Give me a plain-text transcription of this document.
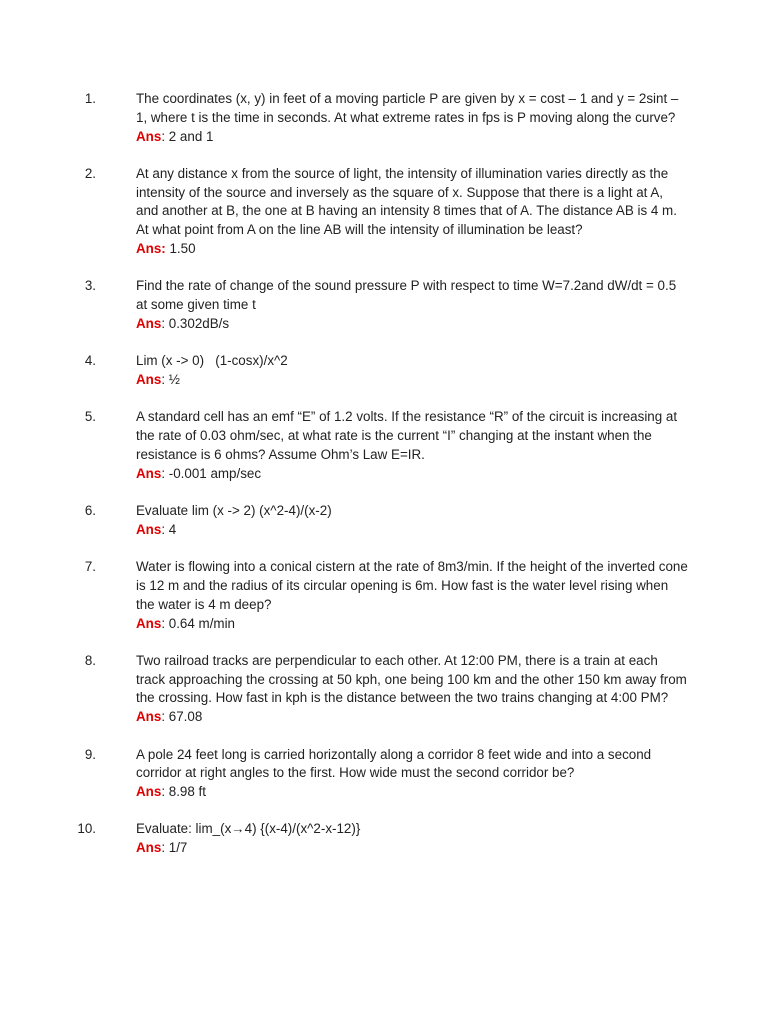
1.	The coordinates (x, y) in feet of a moving particle P are given by x = cost – 1 and y = 2sint – 1, where t is the time in seconds. At what extreme rates in fps is P moving along the curve?
Ans: 2 and 1
2.	At any distance x from the source of light, the intensity of illumination varies directly as the intensity of the source and inversely as the square of x. Suppose that there is a light at A, and another at B, the one at B having an intensity 8 times that of A. The distance AB is 4 m. At what point from A on the line AB will the intensity of illumination be least?
Ans: 1.50
3.	Find the rate of change of the sound pressure P with respect to time W=7.2and dW/dt = 0.5 at some given time t
Ans: 0.302dB/s
4.	Lim (x -> 0)   (1-cosx)/x^2
Ans: ½
5.	A standard cell has an emf “E” of 1.2 volts. If the resistance “R” of the circuit is increasing at the rate of 0.03 ohm/sec, at what rate is the current “I” changing at the instant when the resistance is 6 ohms? Assume Ohm’s Law E=IR.
Ans: -0.001 amp/sec
6.	Evaluate lim (x -> 2) (x^2-4)/(x-2)
Ans: 4
7.	Water is flowing into a conical cistern at the rate of 8m3/min. If the height of the inverted cone is 12 m and the radius of its circular opening is 6m. How fast is the water level rising when the water is 4 m deep?
Ans: 0.64 m/min
8.	Two railroad tracks are perpendicular to each other. At 12:00 PM, there is a train at each track approaching the crossing at 50 kph, one being 100 km and the other 150 km away from the crossing. How fast in kph is the distance between the two trains changing at 4:00 PM?
Ans: 67.08
9.	A pole 24 feet long is carried horizontally along a corridor 8 feet wide and into a second corridor at right angles to the first. How wide must the second corridor be?
Ans: 8.98 ft
10.	Evaluate: lim_(x→4) {(x-4)/(x^2-x-12)}
Ans: 1/7
